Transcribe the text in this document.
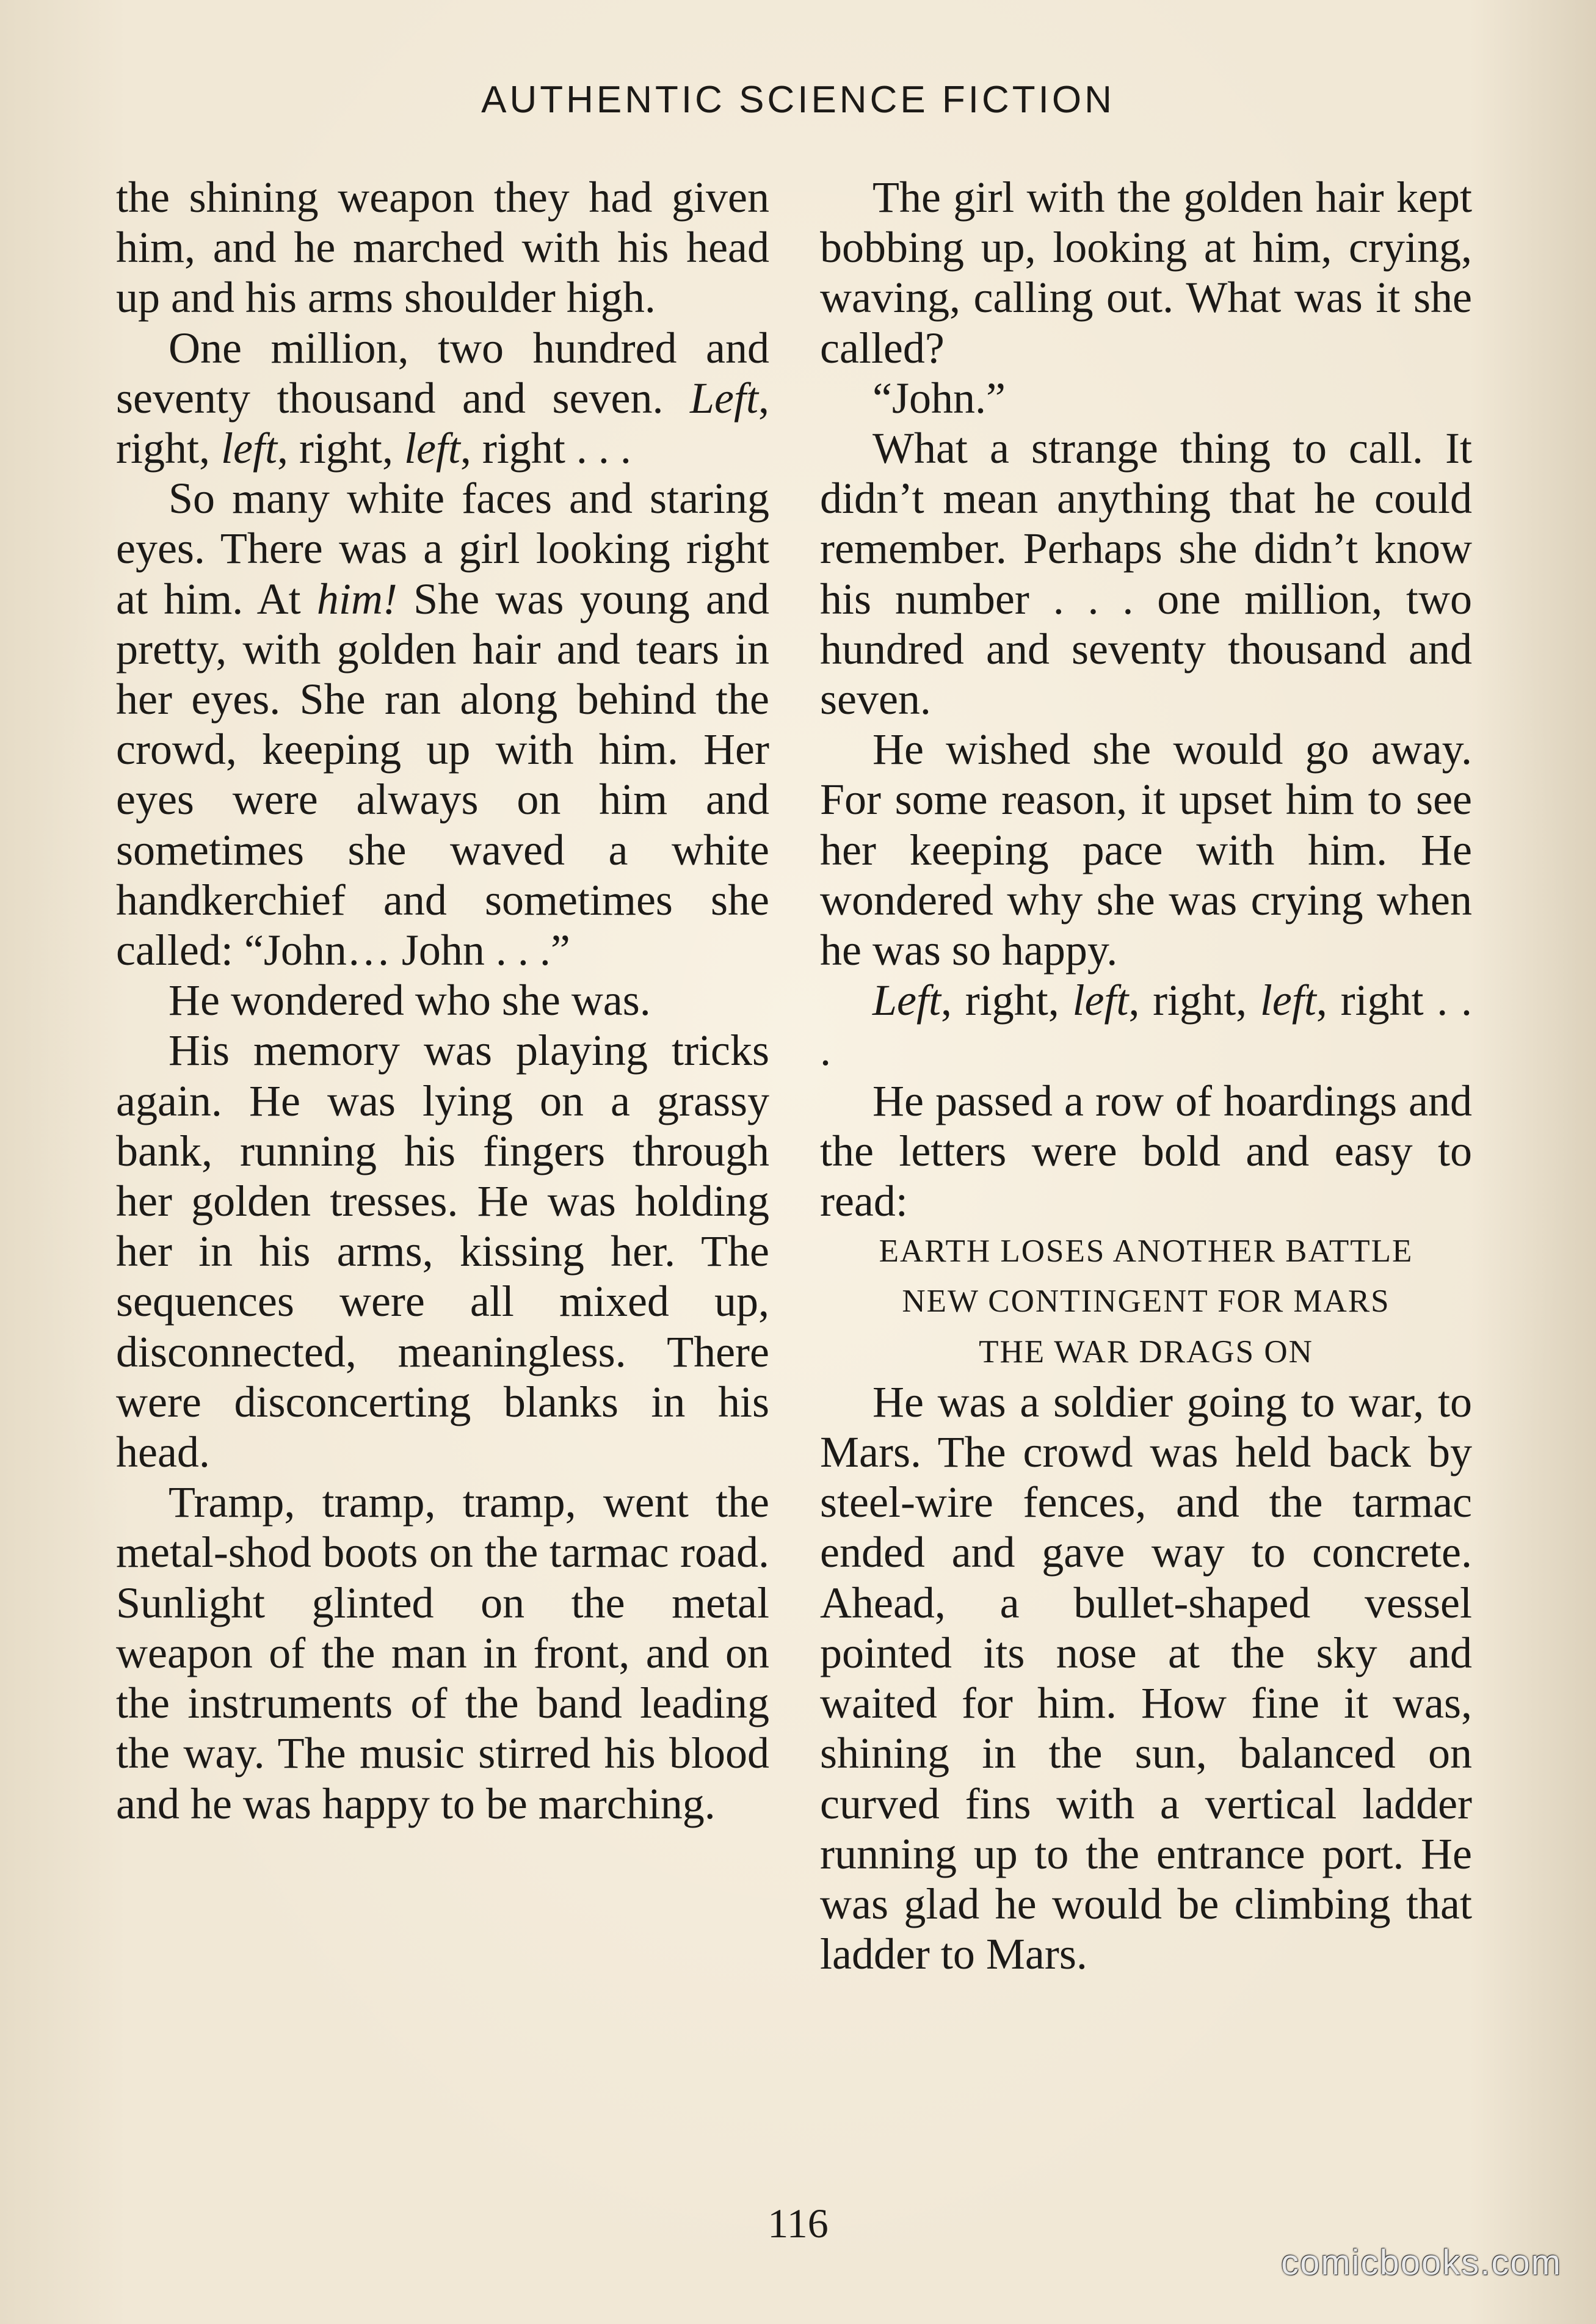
AUTHENTIC SCIENCE FICTION

the shining weapon they had given him, and he marched with his head up and his arms shoulder high.

One million, two hundred and seventy thousand and seven. Left, right, left, right, left, right . . .

So many white faces and staring eyes. There was a girl looking right at him. At him! She was young and pretty, with golden hair and tears in her eyes. She ran along behind the crowd, keeping up with him. Her eyes were always on him and sometimes she waved a white handkerchief and sometimes she called: “John… John . . .”

He wondered who she was.

His memory was playing tricks again. He was lying on a grassy bank, running his fingers through her golden tresses. He was holding her in his arms, kissing her. The sequences were all mixed up, disconnected, meaningless. There were disconcerting blanks in his head.

Tramp, tramp, tramp, went the metal-shod boots on the tarmac road. Sunlight glinted on the metal weapon of the man in front, and on the instruments of the band leading the way. The music stirred his blood and he was happy to be marching.

The girl with the golden hair kept bobbing up, looking at him, crying, waving, calling out. What was it she called?

“John.”

What a strange thing to call. It didn’t mean anything that he could remember. Perhaps she didn’t know his number . . . one million, two hundred and seventy thousand and seven.

He wished she would go away. For some reason, it upset him to see her keeping pace with him. He wondered why she was crying when he was so happy.

Left, right, left, right, left, right . . .

He passed a row of hoardings and the letters were bold and easy to read:

EARTH LOSES ANOTHER BATTLE
NEW CONTINGENT FOR MARS
THE WAR DRAGS ON

He was a soldier going to war, to Mars. The crowd was held back by steel-wire fences, and the tarmac ended and gave way to concrete. Ahead, a bullet-shaped vessel pointed its nose at the sky and waited for him. How fine it was, shining in the sun, balanced on curved fins with a vertical ladder running up to the entrance port. He was glad he would be climbing that ladder to Mars.

116
comicbooks.com
